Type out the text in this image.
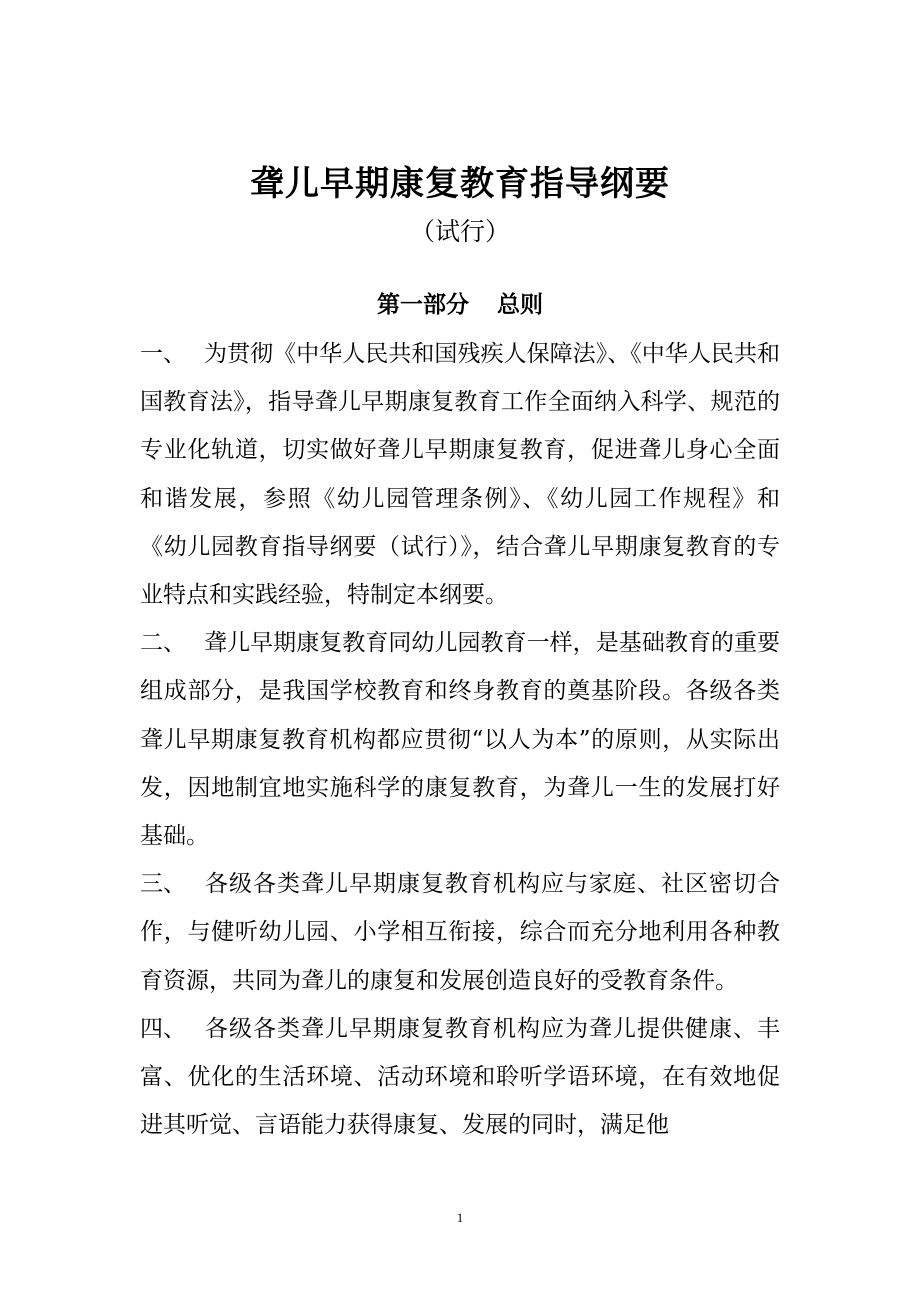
聋儿早期康复教育指导纲要
（试行）
第一部分 总则

一、 为贯彻《中华人民共和国残疾人保障法》、《中华人民共和国教育法》，指导聋儿早期康复教育工作全面纳入科学、规范的专业化轨道，切实做好聋儿早期康复教育，促进聋儿身心全面和谐发展，参照《幼儿园管理条例》、《幼儿园工作规程》和《幼儿园教育指导纲要（试行）》，结合聋儿早期康复教育的专业特点和实践经验，特制定本纲要。

二、 聋儿早期康复教育同幼儿园教育一样，是基础教育的重要组成部分，是我国学校教育和终身教育的奠基阶段。各级各类聋儿早期康复教育机构都应贯彻“以人为本”的原则，从实际出发，因地制宜地实施科学的康复教育，为聋儿一生的发展打好基础。

三、 各级各类聋儿早期康复教育机构应与家庭、社区密切合作，与健听幼儿园、小学相互衔接，综合而充分地利用各种教育资源，共同为聋儿的康复和发展创造良好的受教育条件。

四、 各级各类聋儿早期康复教育机构应为聋儿提供健康、丰富、优化的生活环境、活动环境和聆听学语环境，在有效地促进其听觉、言语能力获得康复、发展的同时，满足他

1
